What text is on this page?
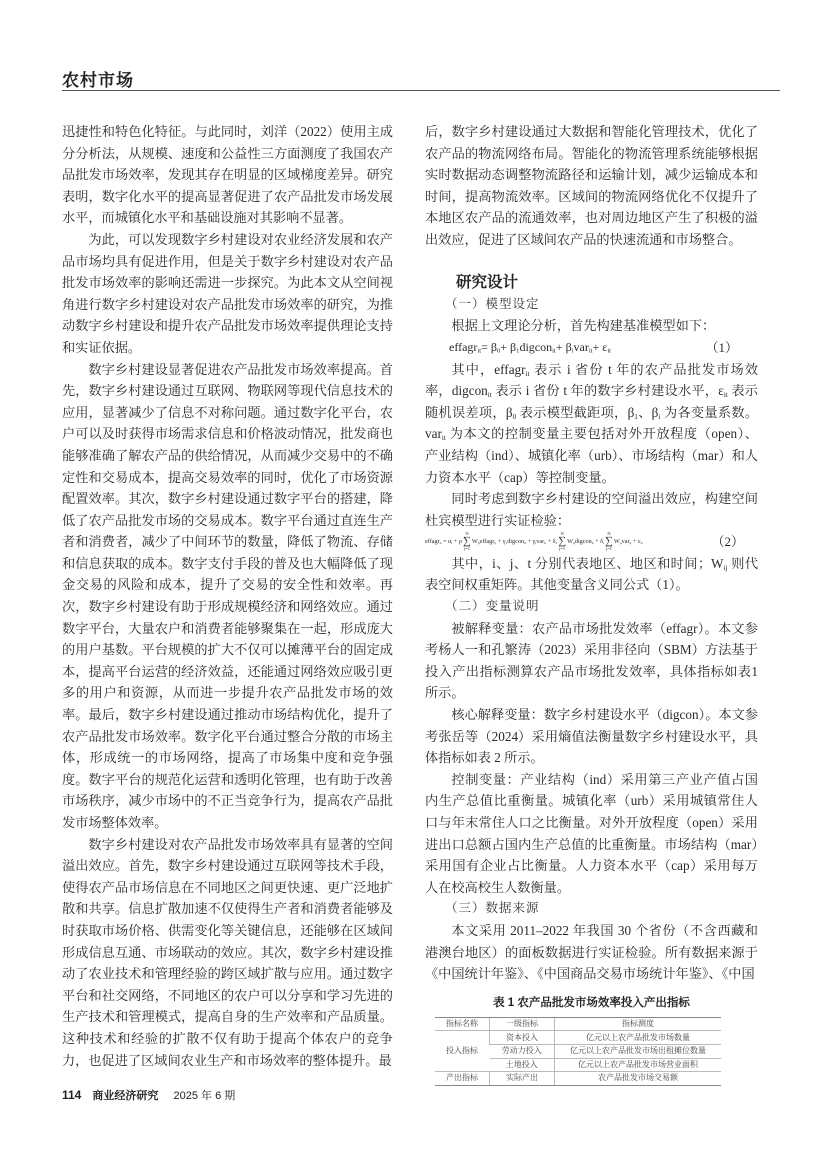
农村市场

迅捷性和特色化特征。与此同时，刘洋（2022）使用主成分分析法，从规模、速度和公益性三方面测度了我国农产品批发市场效率，发现其存在明显的区域梯度差异。研究表明，数字化水平的提高显著促进了农产品批发市场发展水平，而城镇化水平和基础设施对其影响不显著。

为此，可以发现数字乡村建设对农业经济发展和农产品市场均具有促进作用，但是关于数字乡村建设对农产品批发市场效率的影响还需进一步探究。为此本文从空间视角进行数字乡村建设对农产品批发市场效率的研究，为推动数字乡村建设和提升农产品批发市场效率提供理论支持和实证依据。

数字乡村建设显著促进农产品批发市场效率提高。首先，数字乡村建设通过互联网、物联网等现代信息技术的应用，显著减少了信息不对称问题。通过数字化平台，农户可以及时获得市场需求信息和价格波动情况，批发商也能够准确了解农产品的供给情况，从而减少交易中的不确定性和交易成本，提高交易效率的同时，优化了市场资源配置效率。其次，数字乡村建设通过数字平台的搭建，降低了农产品批发市场的交易成本。数字平台通过直连生产者和消费者，减少了中间环节的数量，降低了物流、存储和信息获取的成本。数字支付手段的普及也大幅降低了现金交易的风险和成本，提升了交易的安全性和效率。再次，数字乡村建设有助于形成规模经济和网络效应。通过数字平台，大量农户和消费者能够聚集在一起，形成庞大的用户基数。平台规模的扩大不仅可以摊薄平台的固定成本，提高平台运营的经济效益，还能通过网络效应吸引更多的用户和资源，从而进一步提升农产品批发市场的效率。最后，数字乡村建设通过推动市场结构优化，提升了农产品批发市场效率。数字化平台通过整合分散的市场主体，形成统一的市场网络，提高了市场集中度和竞争强度。数字平台的规范化运营和透明化管理，也有助于改善市场秩序，减少市场中的不正当竞争行为，提高农产品批发市场整体效率。

数字乡村建设对农产品批发市场效率具有显著的空间溢出效应。首先，数字乡村建设通过互联网等技术手段，使得农产品市场信息在不同地区之间更快速、更广泛地扩散和共享。信息扩散加速不仅使得生产者和消费者能够及时获取市场价格、供需变化等关键信息，还能够在区域间形成信息互通、市场联动的效应。其次，数字乡村建设推动了农业技术和管理经验的跨区域扩散与应用。通过数字平台和社交网络，不同地区的农户可以分享和学习先进的生产技术和管理模式，提高自身的生产效率和产品质量。这种技术和经验的扩散不仅有助于提高个体农户的竞争力，也促进了区域间农业生产和市场效率的整体提升。最

114 商业经济研究 2025 年 6 期

后，数字乡村建设通过大数据和智能化管理技术，优化了农产品的物流网络布局。智能化的物流管理系统能够根据实时数据动态调整物流路径和运输计划，减少运输成本和时间，提高物流效率。区域间的物流网络优化不仅提升了本地区农产品的流通效率，也对周边地区产生了积极的溢出效应，促进了区域间农产品的快速流通和市场整合。

研究设计
（一）模型设定

根据上文理论分析，首先构建基准模型如下：

effagr$_{it}$= $\beta_0+$ $\beta_1digcon_{it}+ \beta_ivar_{it}+ \varepsilon_{it}$	（1）

其中，effagr$_{it}$ 表示 i 省份 t 年的农产品批发市场效率，digcon$_{it}$ 表示 i 省份 t 年的数字乡村建设水平，$\varepsilon_{it}$ 表示随机误差项，$\beta_0$ 表示模型截距项，$\beta_1$、$\beta_i$ 为各变量系数。var$_{it}$ 为本文的控制变量主要包括对外开放程度（open）、产业结构（ind）、城镇化率（urb）、市场结构（mar）和人力资本水平（cap）等控制变量。

同时考虑到数字乡村建设的空间溢出效应，构建空间杜宾模型进行实证检验：

effagr$_{it}$ = $\alpha_i + \rho$
N
∑
j=1
$W_{ij}effagr_{jt}$ + $\gamma_1digcon_{it} + \gamma_ivar_{it} + \delta_1$
N
∑
j=1
$W_{ij}digcon_{jt} + \delta_i$
N
∑
j=1
$W_{ij}var_{jt} + \varepsilon_{it}$	（2）

其中，i、j、t 分别代表地区、地区和时间；$W_{ij}$ 则代表空间权重矩阵。其他变量含义同公式（1）。

（二）变量说明

被解释变量：农产品市场批发效率（effagr）。本文参考杨人一和孔繁涛（2023）采用非径向（SBM）方法基于投入产出指标测算农产品市场批发效率，具体指标如表1所示。

核心解释变量：数字乡村建设水平（digcon）。本文参考张岳等（2024）采用熵值法衡量数字乡村建设水平，具体指标如表 2 所示。

控制变量：产业结构（ind）采用第三产业产值占国内生产总值比重衡量。城镇化率（urb）采用城镇常住人口与年末常住人口之比衡量。对外开放程度（open）采用进出口总额占国内生产总值的比重衡量。市场结构（mar）采用国有企业占比衡量。人力资本水平（cap）采用每万人在校高校生人数衡量。

（三）数据来源

本文采用 2011–2022 年我国 30 个省份（不含西藏和港澳台地区）的面板数据进行实证检验。所有数据来源于《中国统计年鉴》、《中国商品交易市场统计年鉴》、《中国

表 1 农产品批发市场效率投入产出指标
指标名称	一级指标	指标测度
投入指标	资本投入	亿元以上农产品批发市场数量
	劳动力投入	亿元以上农产品批发市场出租摊位数量
	土地投入	亿元以上农产品批发市场营业面积
产出指标	实际产出	农产品批发市场交易额
